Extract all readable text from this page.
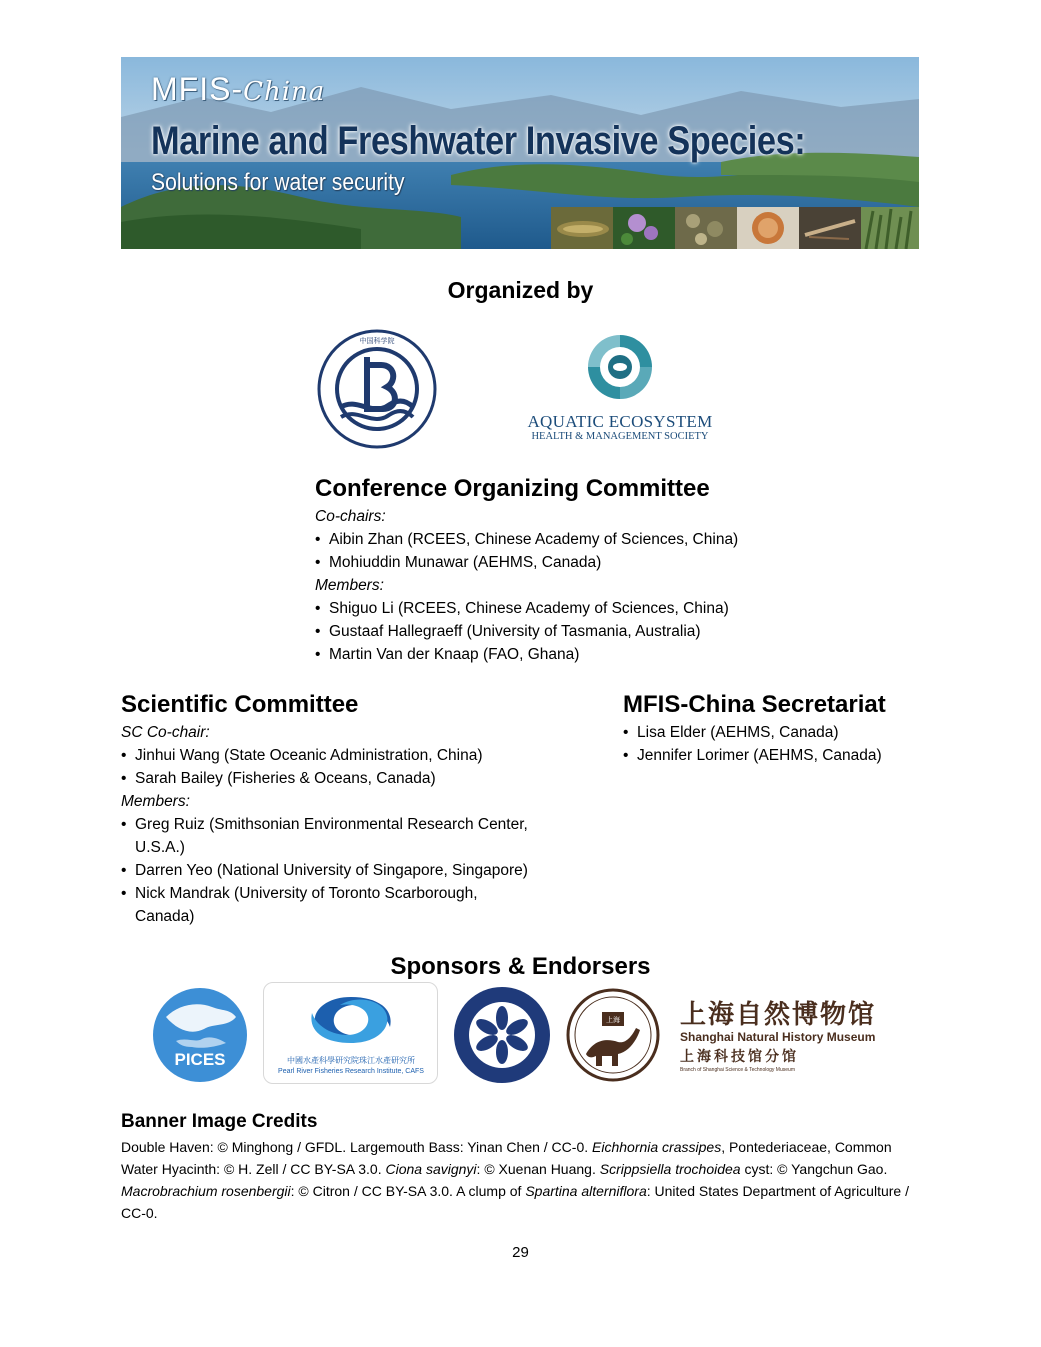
MFIS-China
Marine and Freshwater Invasive Species:
Solutions for water security
Organized by
中国科学院
AQUATIC ECOSYSTEM
HEALTH & MANAGEMENT SOCIETY
Conference Organizing Committee
Co-chairs:
• Aibin Zhan (RCEES, Chinese Academy of Sciences, China)
• Mohiuddin Munawar (AEHMS, Canada)
Members:
• Shiguo Li (RCEES, Chinese Academy of Sciences, China)
• Gustaaf Hallegraeff (University of Tasmania, Australia)
• Martin Van der Knaap (FAO, Ghana)
Scientific Committee
SC Co-chair:
• Jinhui Wang (State Oceanic Administration, China)
• Sarah Bailey (Fisheries & Oceans, Canada)
Members:
• Greg Ruiz (Smithsonian Environmental Research Center, U.S.A.)
• Darren Yeo (National University of Singapore, Singapore)
• Nick Mandrak (University of Toronto Scarborough, Canada)
MFIS-China Secretariat
• Lisa Elder (AEHMS, Canada)
• Jennifer Lorimer (AEHMS, Canada)
Sponsors & Endorsers
PICES	中國水產科學研究院珠江水產研究所
Pearl River Fisheries Research Institute, CAFS
上海 上海自然博物馆
Shanghai Natural History Museum
上海科技馆分馆
Branch of Shanghai Science & Technology Museum
Banner Image Credits
Double Haven: © Minghong / GFDL. Largemouth Bass: Yinan Chen / CC-0. Eichhornia crassipes, Pontederiaceae, Common Water Hyacinth: © H. Zell / CC BY-SA 3.0. Ciona savignyi: © Xuenan Huang. Scrippsiella trochoidea cyst: © Yangchun Gao. Macrobrachium rosenbergii: © Citron / CC BY-SA 3.0. A clump of Spartina alterniflora: United States Department of Agriculture / CC-0.
29
